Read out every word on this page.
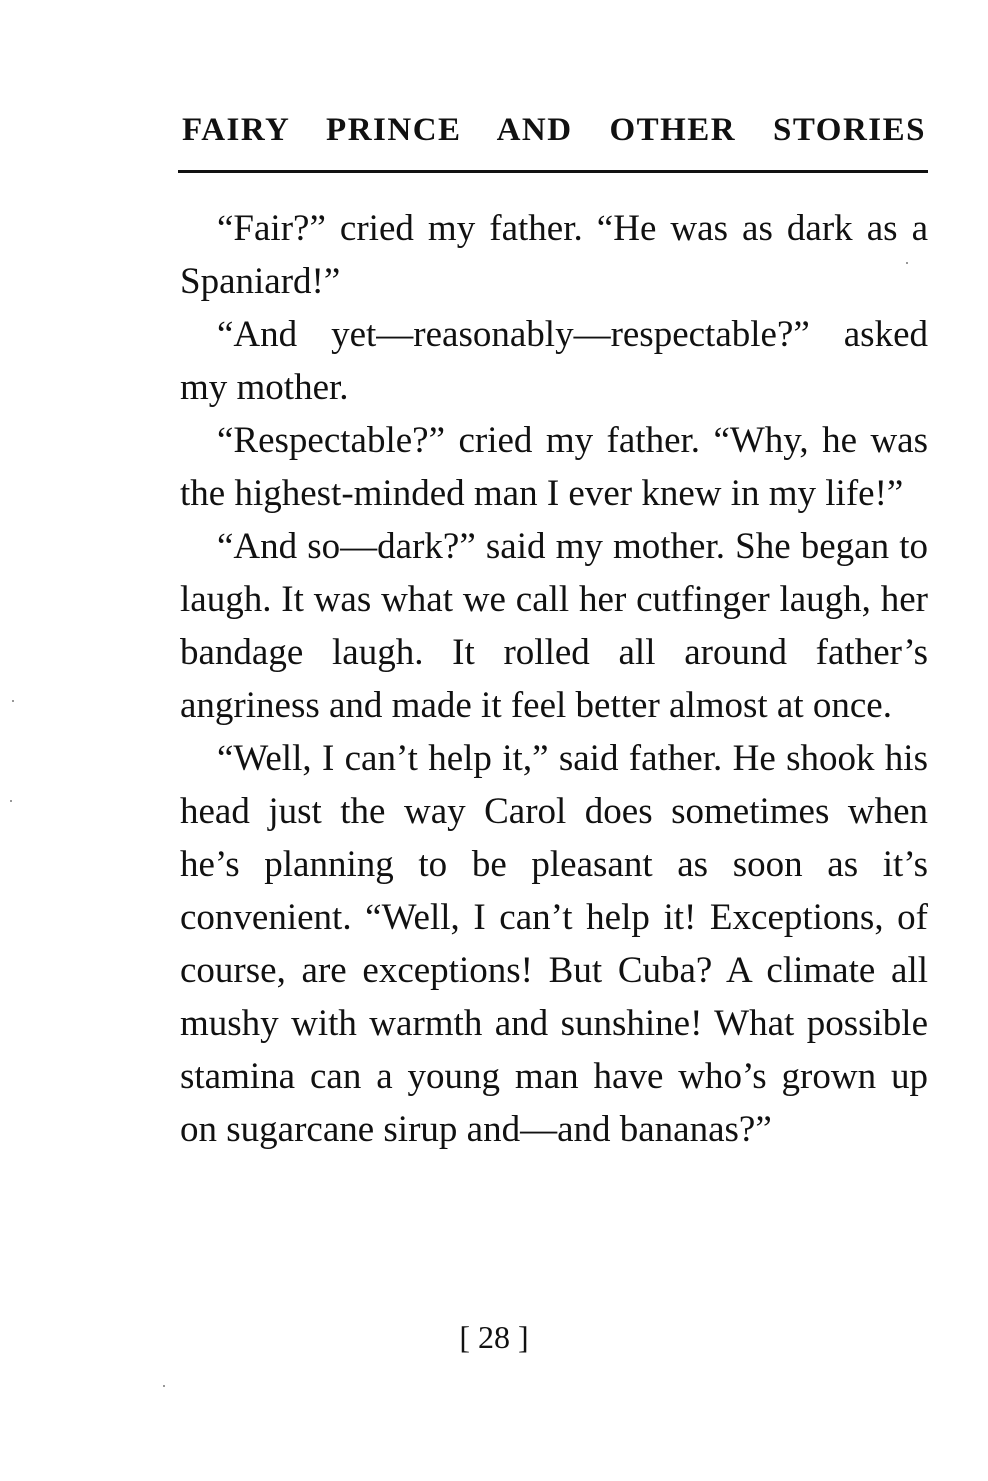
FAIRY PRINCE AND OTHER STORIES

“Fair?” cried my father. “He was as dark as a Spaniard!”

“And yet—reasonably—respectable?” asked my mother.

“Respectable?” cried my father. “Why, he was the highest-minded man I ever knew in my life!”

“And so—dark?” said my mother. She began to laugh. It was what we call her cutfinger laugh, her bandage laugh. It rolled all around father’s angriness and made it feel better almost at once.

“Well, I can’t help it,” said father. He shook his head just the way Carol does sometimes when he’s planning to be pleasant as soon as it’s convenient. “Well, I can’t help it! Exceptions, of course, are exceptions! But Cuba? A climate all mushy with warmth and sunshine! What possible stamina can a young man have who’s grown up on sugarcane sirup and—and bananas?”

[ 28 ]
